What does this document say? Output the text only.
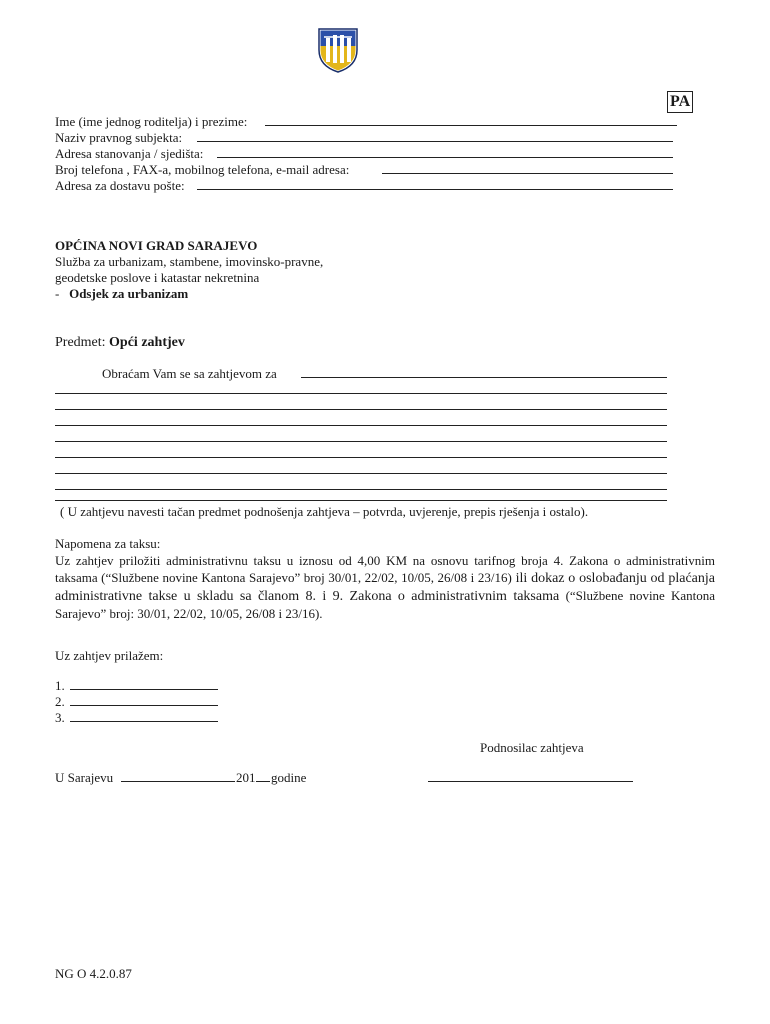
PA
Ime (ime jednog roditelja) i prezime:
Naziv pravnog subjekta:
Adresa stanovanja / sjedišta:
Broj telefona , FAX-a, mobilnog telefona, e-mail adresa:
Adresa za dostavu pošte:
OPĆINA NOVI GRAD SARAJEVO
Služba za urbanizam, stambene, imovinsko-pravne,
geodetske poslove i katastar nekretnina
- Odsjek za urbanizam
Predmet: Opći zahtjev
Obraćam Vam se sa zahtjevom za
( U zahtjevu navesti tačan predmet podnošenja zahtjeva – potvrda, uvjerenje, prepis rješenja i ostalo).
Napomena za taksu:
Uz zahtjev priložiti administrativnu taksu u iznosu od 4,00 KM na osnovu tarifnog broja 4. Zakona o administrativnim taksama (“Službene novine Kantona Sarajevo” broj 30/01, 22/02, 10/05, 26/08 i 23/16) ili dokaz o oslobađanju od plaćanja administrativne takse u skladu sa članom 8. i 9. Zakona o administrativnim taksama (“Službene novine Kantona Sarajevo” broj: 30/01, 22/02, 10/05, 26/08 i 23/16).
Uz zahtjev prilažem:
1.
2.
3.
Podnosilac zahtjeva
U Sarajevu	201 godine
NG O 4.2.0.87
